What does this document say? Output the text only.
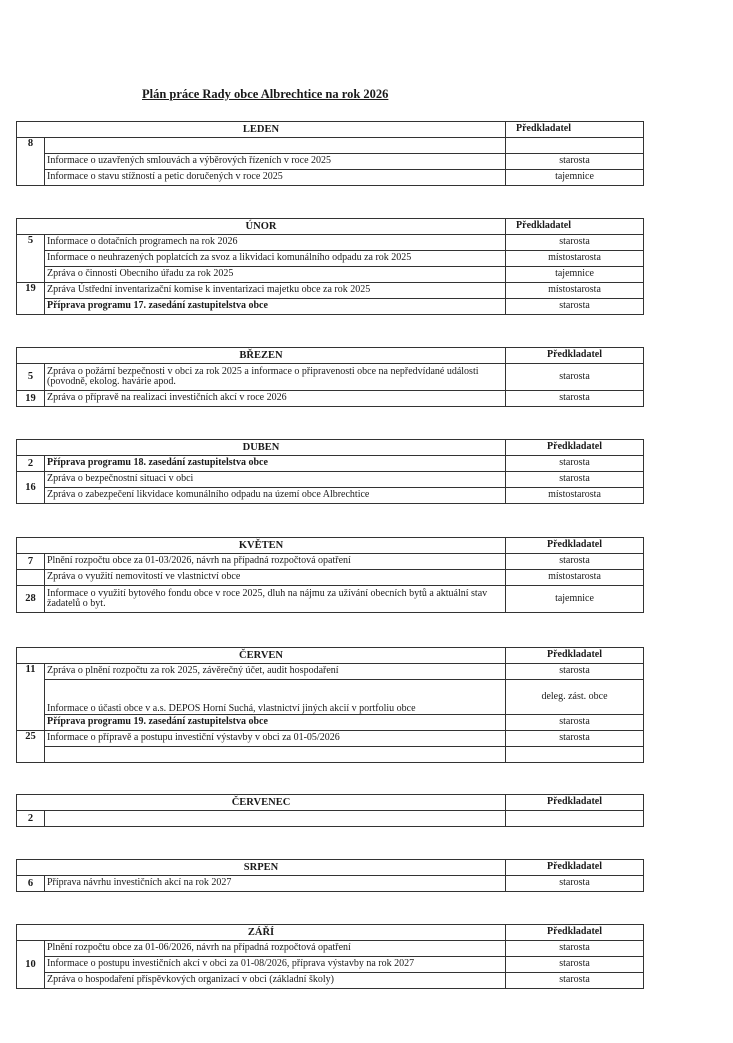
Plán práce Rady obce Albrechtice na rok 2026
LEDEN		Předkladatel
8		
	Informace o uzavřených smlouvách a výběrových řízeních v roce 2025	starosta
	Informace o stavu stížností a petic doručených v roce 2025	tajemnice
ÚNOR		Předkladatel
5	Informace o dotačních programech na rok 2026	starosta
	Informace o neuhrazených poplatcích za svoz a likvidaci komunálního odpadu za rok 2025	místostarosta
	Zpráva o činnosti Obecního úřadu za rok 2025	tajemnice
19	Zpráva Ústřední inventarizační komise k inventarizaci majetku obce za rok 2025	místostarosta
	Příprava programu 17. zasedání zastupitelstva obce	starosta
BŘEZEN		Předkladatel
5	Zpráva o požární bezpečnosti v obci za rok 2025 a informace o připravenosti obce na nepředvídané události (povodně, ekolog. havárie apod.	starosta
19	Zpráva o přípravě na realizaci investičních akcí v roce 2026	starosta
DUBEN		Předkladatel
2	Příprava programu 18. zasedání zastupitelstva obce	starosta
16	Zpráva o bezpečnostní situaci v obci	starosta
	Zpráva o zabezpečení likvidace komunálního odpadu na území obce Albrechtice	místostarosta
KVĚTEN		Předkladatel
7	Plnění rozpočtu obce za 01-03/2026, návrh na případná rozpočtová opatření	starosta
	Zpráva o využití nemovitostí ve vlastnictví obce	místostarosta
28	Informace o využití bytového fondu obce v roce 2025, dluh na nájmu za užívání obecních bytů a aktuální stav žadatelů o byt.	tajemnice
ČERVEN		Předkladatel
11	Zpráva o plnění rozpočtu za rok 2025, závěrečný účet, audit hospodaření	starosta
	Informace o účasti obce v a.s. DEPOS Horní Suchá, vlastnictví jiných akcií v portfoliu obce	deleg. zást. obce
	Příprava programu 19. zasedání zastupitelstva obce	starosta
25	Informace o přípravě a postupu investiční výstavby v obci za 01-05/2026	starosta

ČERVENEC		Předkladatel
2		
SRPEN		Předkladatel
6	Příprava návrhu investičních akcí na rok 2027	starosta
ZÁŘÍ		Předkladatel
10	Plnění rozpočtu obce za 01-06/2026, návrh na případná rozpočtová opatření	starosta
	Informace o postupu investičních akcí v obci za 01-08/2026, příprava výstavby na rok 2027	starosta
	Zpráva o hospodaření příspěvkových organizací v obci (základní školy)	starosta
